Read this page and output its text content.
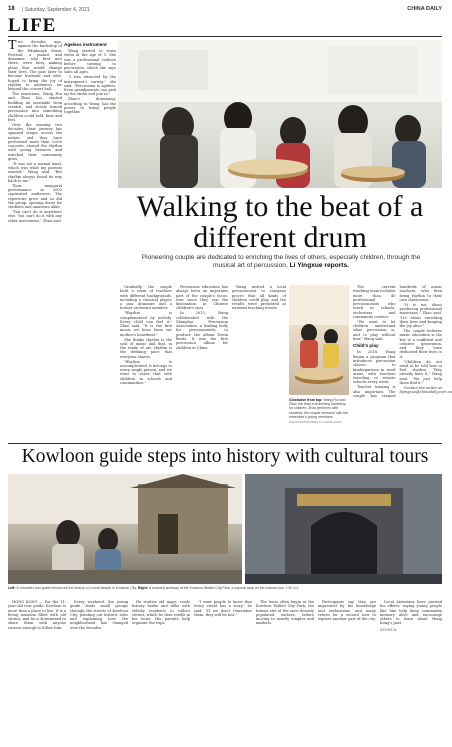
18 | Saturday, September 4, 2021	CHINA DAILY
LIFE

Two decades ago, against the backdrop of the Edinburgh Music Festival, a pianist and drummer, who first met there, were busy making plans that would change their lives. The pair, later to become husband and wife, hoped to bring the joy of rhythm to audiences far beyond the concert hall.

The musicians, Wang Hui and Zhao Kai, started building an ensemble from scratch, and slowly turned percussion into something children could hold, hear and feel.

Over the ensuing two decades, their journey has spanned stages across the nation, and they have performed more than 2,000 concerts, shared the rhythm with young listeners and watched their community grow.

"It was not a normal band, which was what my parents wanted," Wang said. "But rhythm always found its way back to me."

Their inaugural performance in 2002 captivated audiences. The repertoire grew and so did the group, opening doors for students and amateurs alike.

"You can't do it anywhere else. You can't do it with any other instrument," Zhao said.

Ageless instrument

Wang started to learn violin at the age of 5. She was a professional violinist before turning to percussion, which she says suits all ages.

"I was attracted by the instrument's variety," she said. "Percussion is ageless. Even grandparents can pick up the sticks and join in."

Zhao's drumming, according to Wang, has the power to bring people together.

Walking to the beat of a different drum
Pioneering couple are dedicated to enriching the lives of others, especially children, through the musical art of percussion, Li Yingxue reports.

Gradually, the couple built a team of teachers with different backgrounds, including a classical player, a jazz drummer and a former orchestra member.

"Rhythm is complemented by melody. Every child can feel it," Zhao said. "It is the first music we hear, from our mother's heartbeat."

She thinks rhythm is the soul of music and that, in the realm of art, rhythm is the defining pace that everyone shares.

"Rhythm is uncomplicated, it belongs to every single person, and we want to share that with children in schools and communities."

Percussion education has always been an important part of the couple's focus, ever since they saw the fascination in Chinese children's eyes.

In 2013, Wang collaborated with the Shanghai Percussion Association, a leading body for percussionists, to produce the album Drum Beats. It was the first percussion album for children in China.

Wang invited a local percussionist to compose pieces that all kinds of children could play, and the results were presented at national teaching events.

Clockwise from top: Wang Hui and Zhao Kai lead a drumming workshop for children; Zhao performs with students; the couple rehearse with the ensemble's young members.
PHOTOS PROVIDED TO CHINA DAILY

The current teaching team includes more than 40 professional percussionists who teach in schools, orchestras and community centers.

"We want to let children understand what percussion is, and to play without fear," Wang said.

Child's play

In 2018, Wang began a program that introduces percussion classes to kindergartens in rural areas, with teachers traveling to remote schools every week.

Teacher training is also important. The couple has trained hundreds of music teachers, who then bring rhythm to their own classrooms.

"It is not about producing professional musicians," Zhao said. "It's about enriching their lives and keeping the joy alive."

The couple believes music education is the key to a confident and creative generation, and they have dedicated their lives to it.

"Children do not need to be told how to feel rhythm. They already have it," Wang said. "We just help them find it."

Contact the writer at liyingxue@chinadaily.com.cn

Kowloon guide steps into history with cultural tours
Left: A volunteer tour guide introduces the history of a local temple in Kowloon City. Right: A restored archway at the Kowloon Walled City Park, a popular stop on the cultural tour. XINHUA

HONG KONG — For the 11-year-old tour guide, Kowloon is more than a place to live. It is a living museum filled with old stories, and he is determined to share them with anyone curious enough to follow him.

Every weekend, the young guide leads small groups through the streets of Kowloon City, pointing out historic sites and explaining how the neighborhood has changed over the decades.

He studies old maps, reads history books and talks with elderly residents to collect stories, which he then retells in his tours. His parents help organize the trips.

"I want people to know that every street has a story," he said. "If we don't remember them, they will be lost."

The tours often begin at the Kowloon Walled City Park, the former site of the once densely populated enclave, before moving to nearby temples and markets.

Participants say they are impressed by his knowledge and enthusiasm, and many return for a second tour to explore another part of the city.

Local historians have praised his efforts, saying young people like him help keep community memory alive and encourage others to learn about Hong Kong's past.

XINHUA
